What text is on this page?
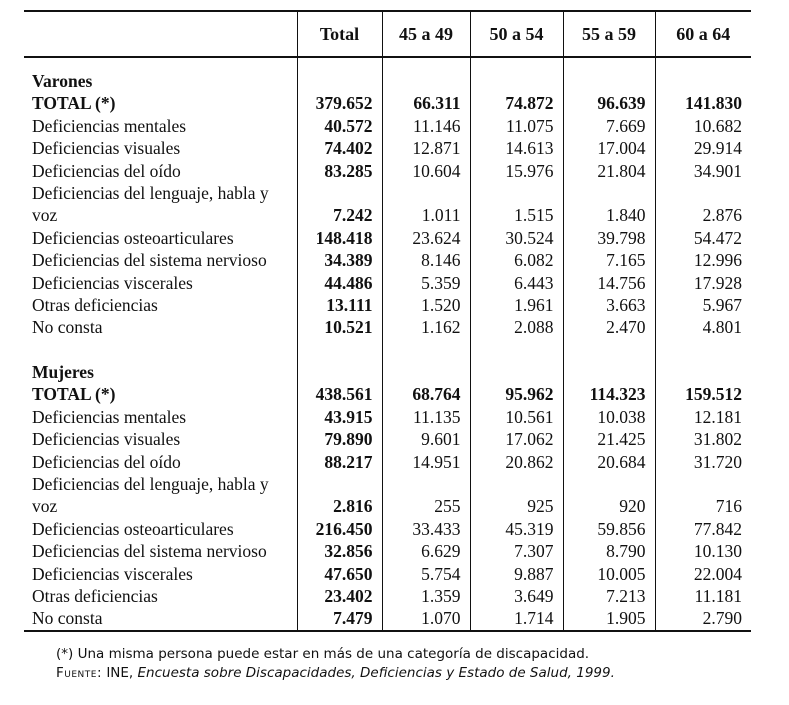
	Total	45 a 49	50 a 54	55 a 59	60 a 64

Varones					
TOTAL (*)	379.652	66.311	74.872	96.639	141.830
Deficiencias mentales	40.572	11.146	11.075	7.669	10.682
Deficiencias visuales	74.402	12.871	14.613	17.004	29.914
Deficiencias del oído	83.285	10.604	15.976	21.804	34.901
Deficiencias del lenguaje, habla y voz	7.242	1.011	1.515	1.840	2.876
Deficiencias osteoarticulares	148.418	23.624	30.524	39.798	54.472
Deficiencias del sistema nervioso	34.389	8.146	6.082	7.165	12.996
Deficiencias viscerales	44.486	5.359	6.443	14.756	17.928
Otras deficiencias	13.111	1.520	1.961	3.663	5.967
No consta	10.521	1.162	2.088	2.470	4.801

Mujeres					
TOTAL (*)	438.561	68.764	95.962	114.323	159.512
Deficiencias mentales	43.915	11.135	10.561	10.038	12.181
Deficiencias visuales	79.890	9.601	17.062	21.425	31.802
Deficiencias del oído	88.217	14.951	20.862	20.684	31.720
Deficiencias del lenguaje, habla y voz	2.816	255	925	920	716
Deficiencias osteoarticulares	216.450	33.433	45.319	59.856	77.842
Deficiencias del sistema nervioso	32.856	6.629	7.307	8.790	10.130
Deficiencias viscerales	47.650	5.754	9.887	10.005	22.004
Otras deficiencias	23.402	1.359	3.649	7.213	11.181
No consta	7.479	1.070	1.714	1.905	2.790
(*) Una misma persona puede estar en más de una categoría de discapacidad.
Fuente: INE, Encuesta sobre Discapacidades, Deficiencias y Estado de Salud, 1999.
